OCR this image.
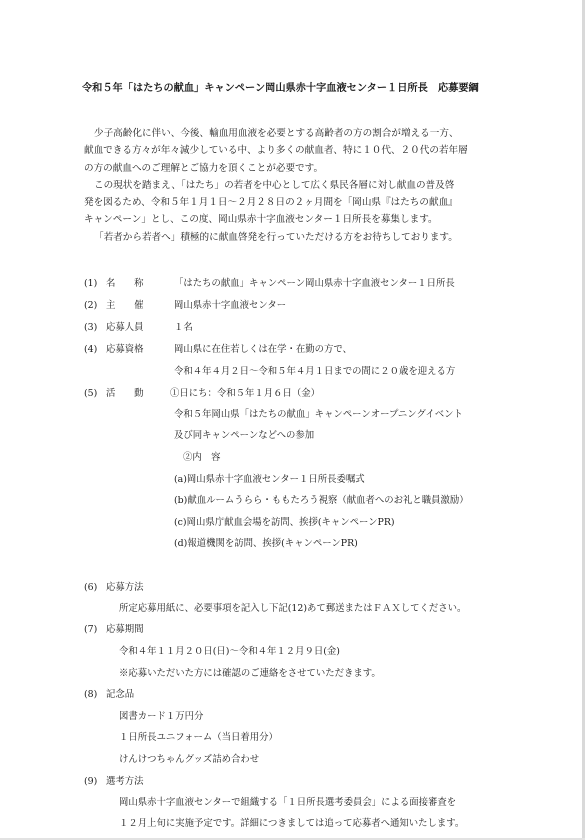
令和５年「はたちの献血」キャンペーン岡山県赤十字血液センター１日所長　応募要綱

少子高齢化に伴い、今後、輸血用血液を必要とする高齢者の方の割合が増える一方、

献血できる方々が年々減少している中、より多くの献血者、特に１０代、２０代の若年層

の方の献血へのご理解とご協力を頂くことが必要です。

この現状を踏まえ、「はたち」の若者を中心として広く県民各層に対し献血の普及啓

発を図るため、令和５年１月１日～２月２８日の２ヶ月間を「岡山県『はたちの献血』

キャンペーン」とし、この度、岡山県赤十字血液センター１日所長を募集します。

「若者から若者へ」積極的に献血啓発を行っていただける方をお待ちしております。

(1) 名　　称	「はたちの献血」キャンペーン岡山県赤十字血液センター１日所長
(2) 主　　催	岡山県赤十字血液センター
(3) 応募人員	１名
(4) 応募資格	岡山県に在住若しくは在学・在勤の方で、
令和４年４月２日～令和５年４月１日までの間に２０歳を迎える方
(5) 活　　動	①日にち：令和５年１月６日（金）
令和５年岡山県「はたちの献血」キャンペーンオープニングイベント
及び同キャンペーンなどへの参加
②内　容
(a)岡山県赤十字血液センター１日所長委嘱式
(b)献血ルームうらら・ももたろう視察（献血者へのお礼と職員激励）
(c)岡山県庁献血会場を訪問、挨拶(キャンペーンPR)
(d)報道機関を訪問、挨拶(キャンペーンPR)
(6) 応募方法
所定応募用紙に、必要事項を記入し下記(12)あて郵送またはＦＡＸしてください。
(7) 応募期間
令和４年１１月２０日(日)～令和４年１２月９日(金)
※応募いただいた方には確認のご連絡をさせていただきます。
(8) 記念品
図書カード１万円分
１日所長ユニフォーム（当日着用分）
けんけつちゃんグッズ詰め合わせ
(9) 選考方法
岡山県赤十字血液センターで組織する「１日所長選考委員会」による面接審査を
１２月上旬に実施予定です。詳細につきましては追って応募者へ通知いたします。
